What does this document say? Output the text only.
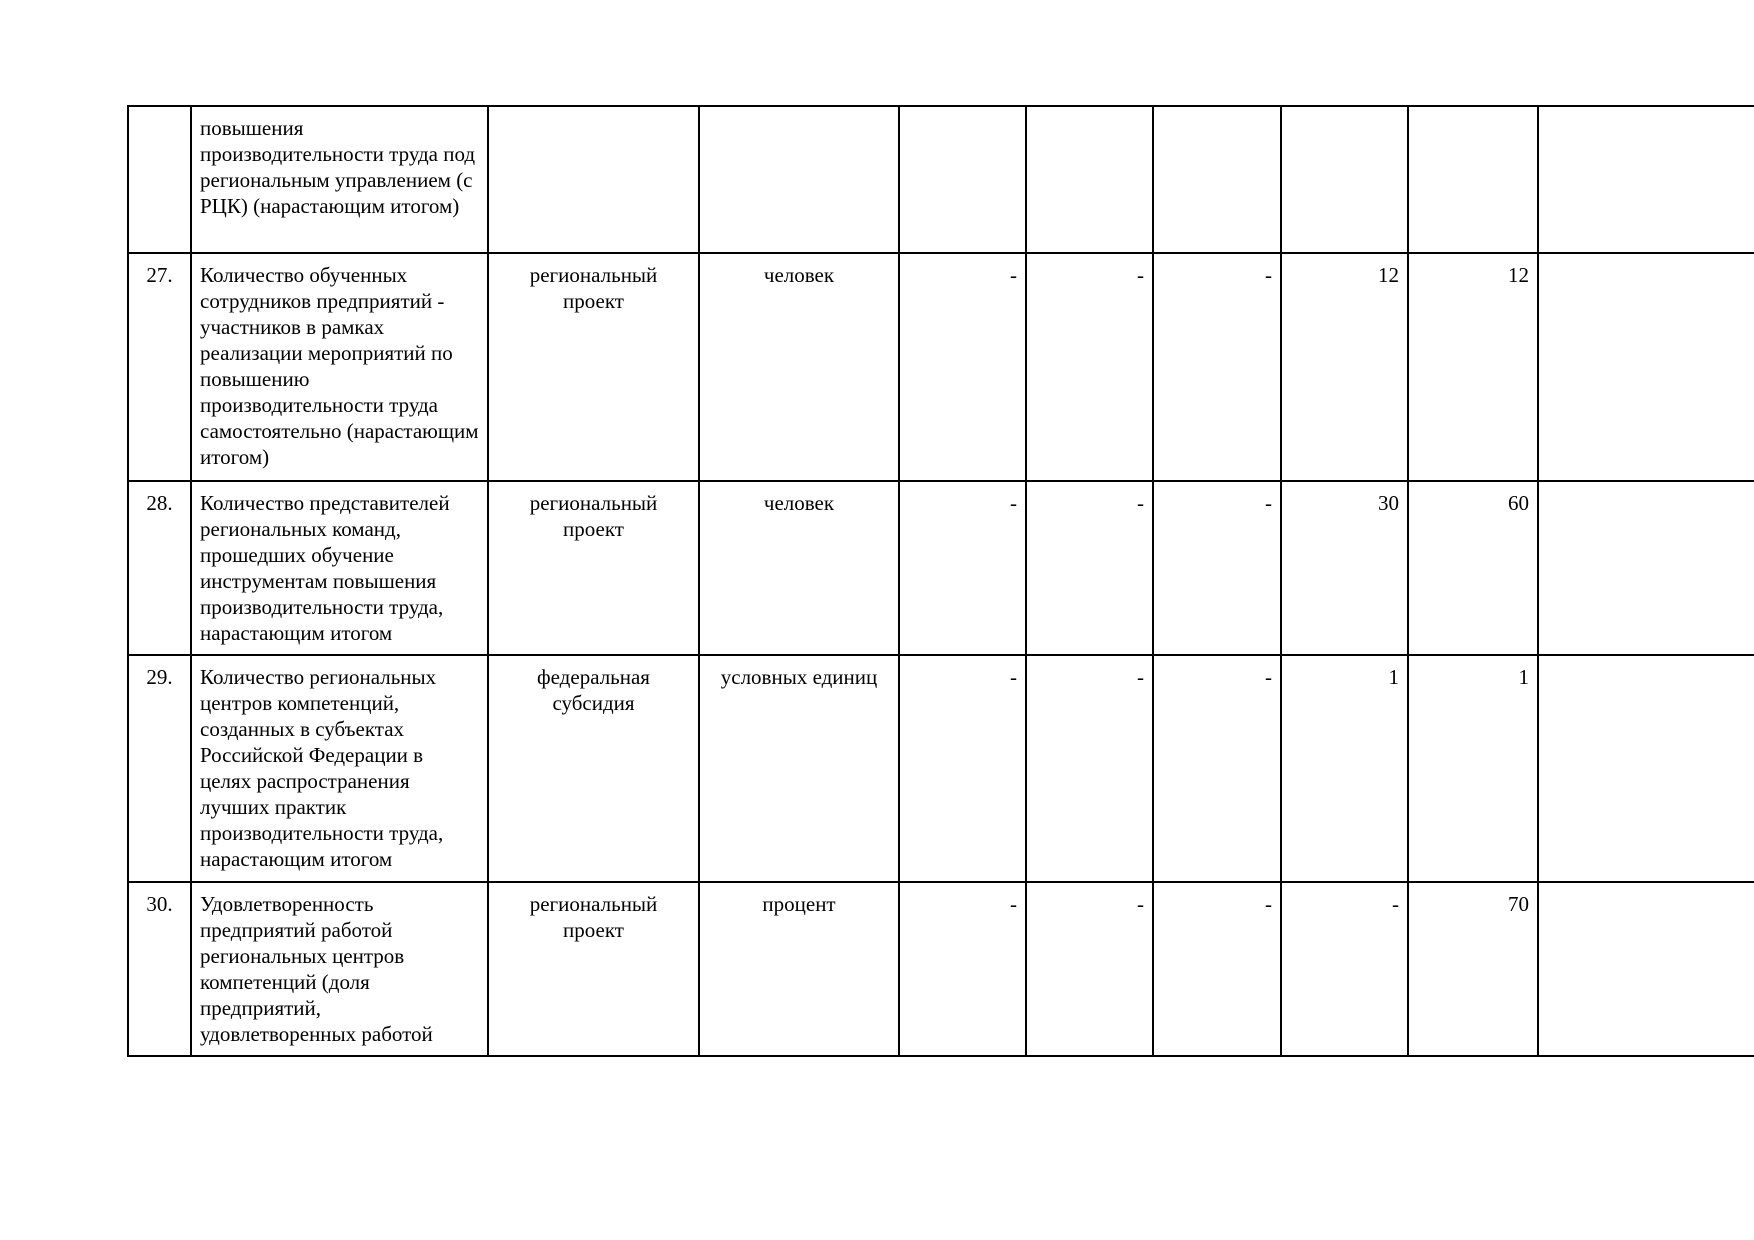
	повышения производительности труда под региональным управлением (с РЦК) (нарастающим итогом)								
27.	Количество обученных сотрудников предприятий - участников в рамках реализации мероприятий по повышению производительности труда самостоятельно (нарастающим итогом)	региональный проект	человек	-	-	-	12	12	
28.	Количество представителей региональных команд, прошедших обучение инструментам повышения производительности труда, нарастающим итогом	региональный проект	человек	-	-	-	30	60	
29.	Количество региональных центров компетенций, созданных в субъектах Российской Федерации в целях распространения лучших практик производительности труда, нарастающим итогом	федеральная субсидия	условных единиц	-	-	-	1	1	
30.	Удовлетворенность предприятий работой региональных центров компетенций (доля предприятий, удовлетворенных работой	региональный проект	процент	-	-	-	-	70	
